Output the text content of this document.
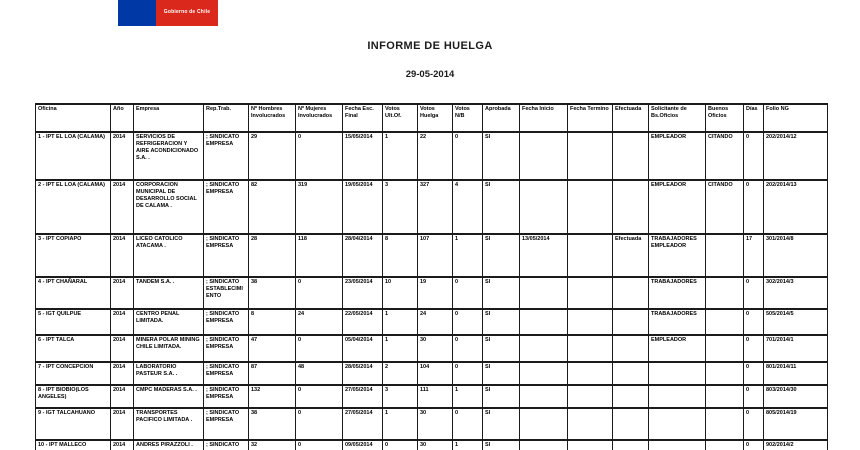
Gobierno de Chile
INFORME DE HUELGA
29-05-2014
Oficina	Año	Empresa	Rep.Trab.	Nº Hombres Involucrados	Nº Mujeres Involucrados	Fecha Esc. Final	Votos Ult.Of.	Votos Huelga	Votos N/B	Aprobada	Fecha Inicio	Fecha Termino	Efectuada	Solicitante de Bs.Oficios	Buenos Oficios	Días	Folio NG
1 - IPT EL LOA (CALAMA)	2014	SERVICIOS DE REFRIGERACION Y AIRE ACONDICIONADO S.A. .	; SINDICATO EMPRESA	29	0	15/05/2014	1	22	0	SI				EMPLEADOR	CITANDO	0	202/2014/12
2 - IPT EL LOA (CALAMA)	2014	CORPORACION MUNICIPAL DE DESARROLLO SOCIAL DE CALAMA .	; SINDICATO EMPRESA	82	319	19/05/2014	3	327	4	SI				EMPLEADOR	CITANDO	0	202/2014/13
3 - IPT COPIAPO	2014	LICEO CATOLICO ATACAMA .	; SINDICATO EMPRESA	28	118	28/04/2014	8	107	1	SI	13/05/2014		Efectuada	TRABAJADORES EMPLEADOR		17	301/2014/8
4 - IPT CHAÑARAL	2014	TANDEM S.A. .	; SINDICATO ESTABLECIMIENTO	38	0	23/05/2014	10	19	0	SI				TRABAJADORES		0	302/2014/3
5 - IGT QUILPUE	2014	CENTRO PENAL LIMITADA.	; SINDICATO EMPRESA	8	24	22/05/2014	1	24	0	SI				TRABAJADORES		0	505/2014/5
6 - IPT TALCA	2014	MINERA POLAR MINING CHILE LIMITADA.	; SINDICATO EMPRESA	47	0	05/04/2014	1	30	0	SI				EMPLEADOR		0	701/2014/1
7 - IPT CONCEPCION	2014	LABORATORIO PASTEUR S.A. .	; SINDICATO EMPRESA	87	48	28/05/2014	2	104	0	SI						0	801/2014/11
8 - IPT BIOBIO(LOS ANGELES)	2014	CMPC MADERAS S.A. .	; SINDICATO EMPRESA	132	0	27/05/2014	3	111	1	SI						0	803/2014/30
9 - IGT TALCAHUANO	2014	TRANSPORTES PACIFICO LIMITADA .	; SINDICATO EMPRESA	38	0	27/05/2014	1	30	0	SI						0	805/2014/19
10 - IPT MALLECO	2014	ANDRES PIRAZZOLI .	; SINDICATO	32	0	09/05/2014	0	30	1	SI						0	902/2014/2
